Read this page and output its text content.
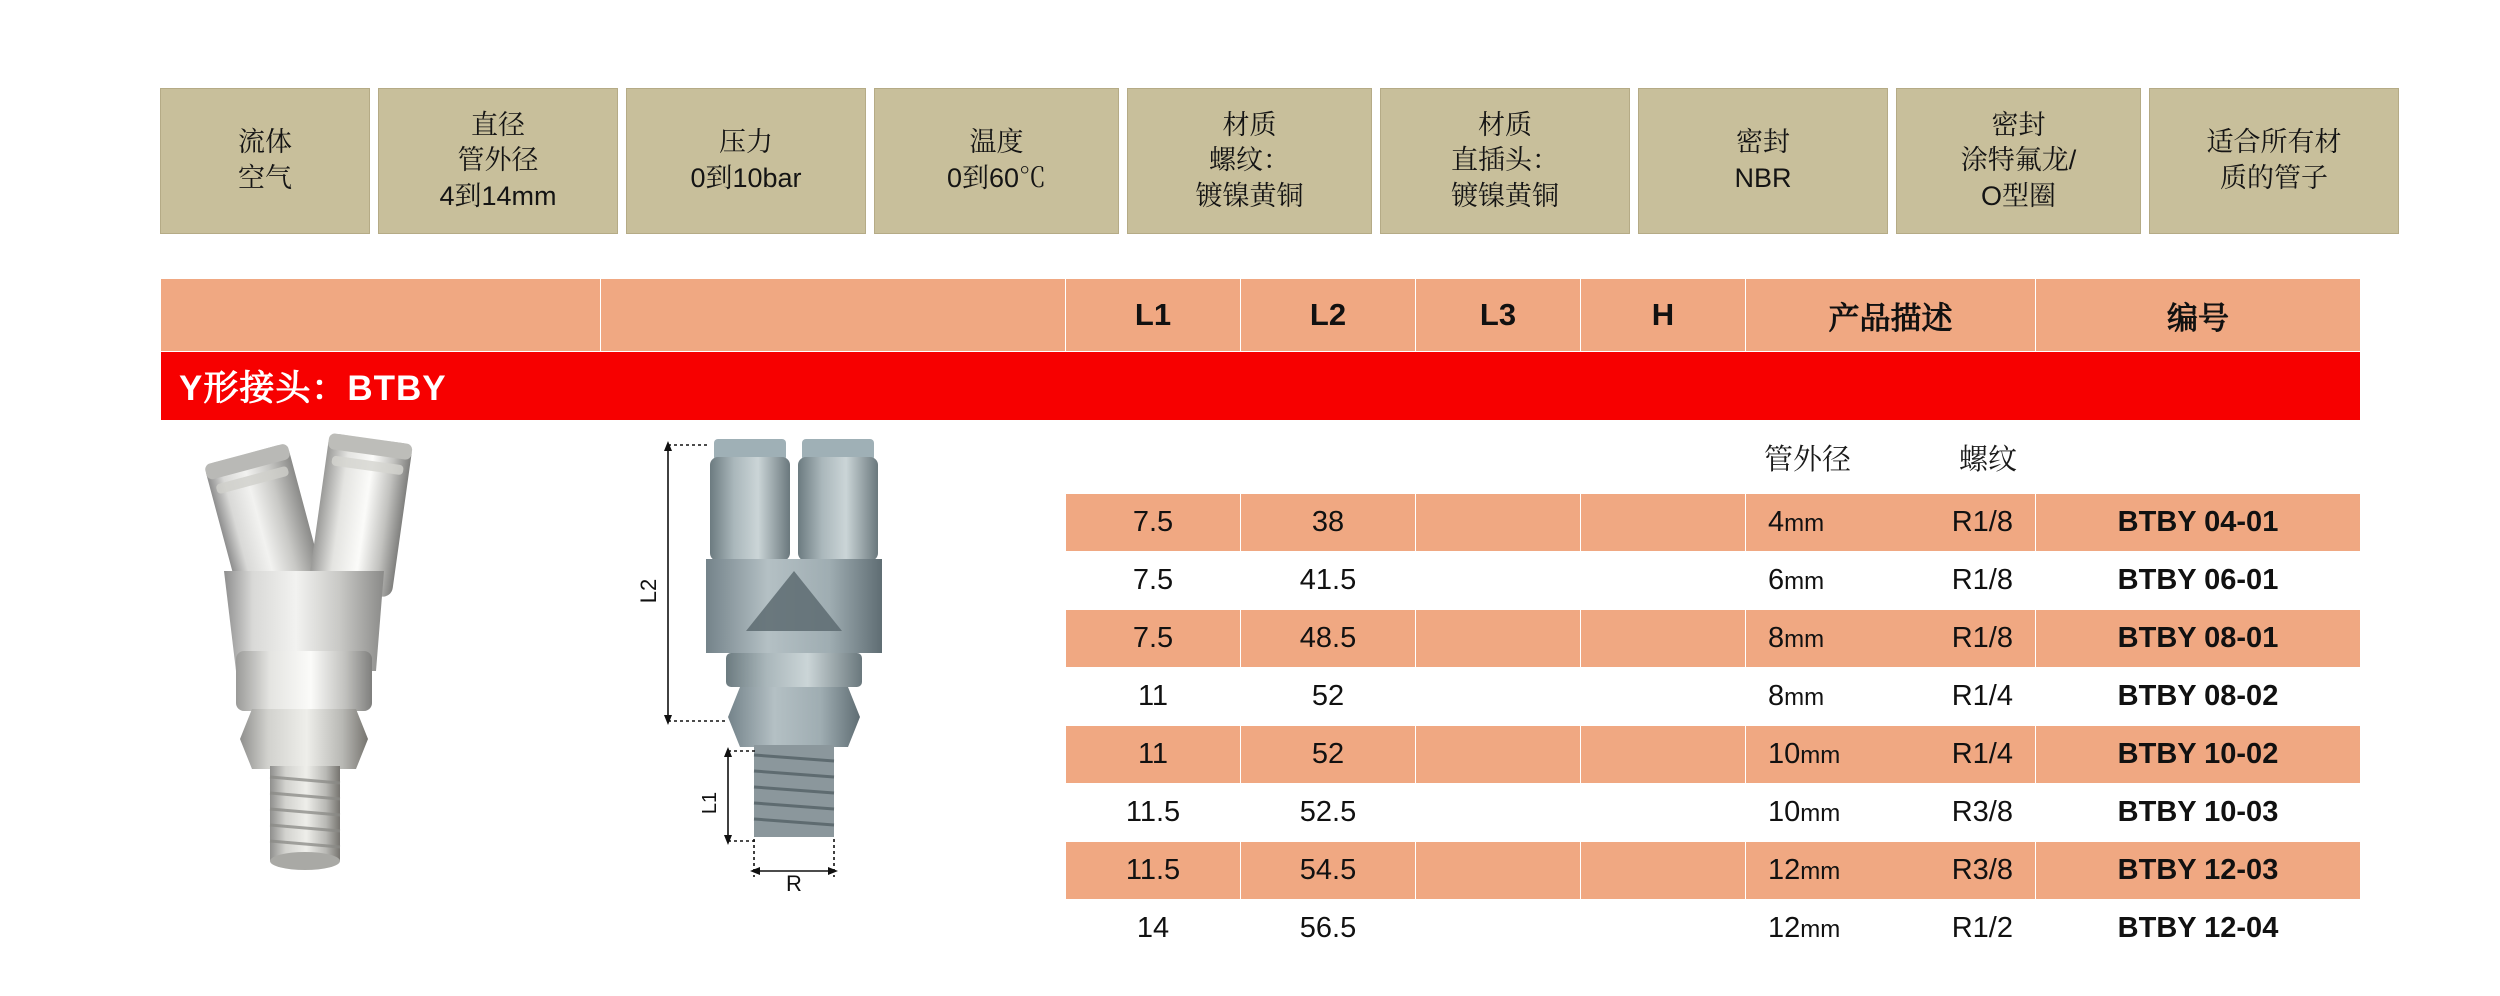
流体
空气
直径
管外径
4到14mm
压力
0到10bar
温度
0到60℃
材质
螺纹：
镀镍黄铜
材质
直插头：
镀镍黄铜
密封
NBR
密封
涂特氟龙/
O型圈
适合所有材
质的管子
		L1	L2	L3	H	产品描述	编号

Y形接头：BTBY							

L2
L1
R					管外径 螺纹	

		7.5	38			4mm R1/8	BTBY 04-01
		7.5	41.5			6mm R1/8	BTBY 06-01
		7.5	48.5			8mm R1/8	BTBY 08-01
		11	52			8mm R1/4	BTBY 08-02
		11	52			10mm R1/4	BTBY 10-02
		11.5	52.5			10mm R3/8	BTBY 10-03
		11.5	54.5			12mm R3/8	BTBY 12-03
		14	56.5			12mm R1/2	BTBY 12-04
